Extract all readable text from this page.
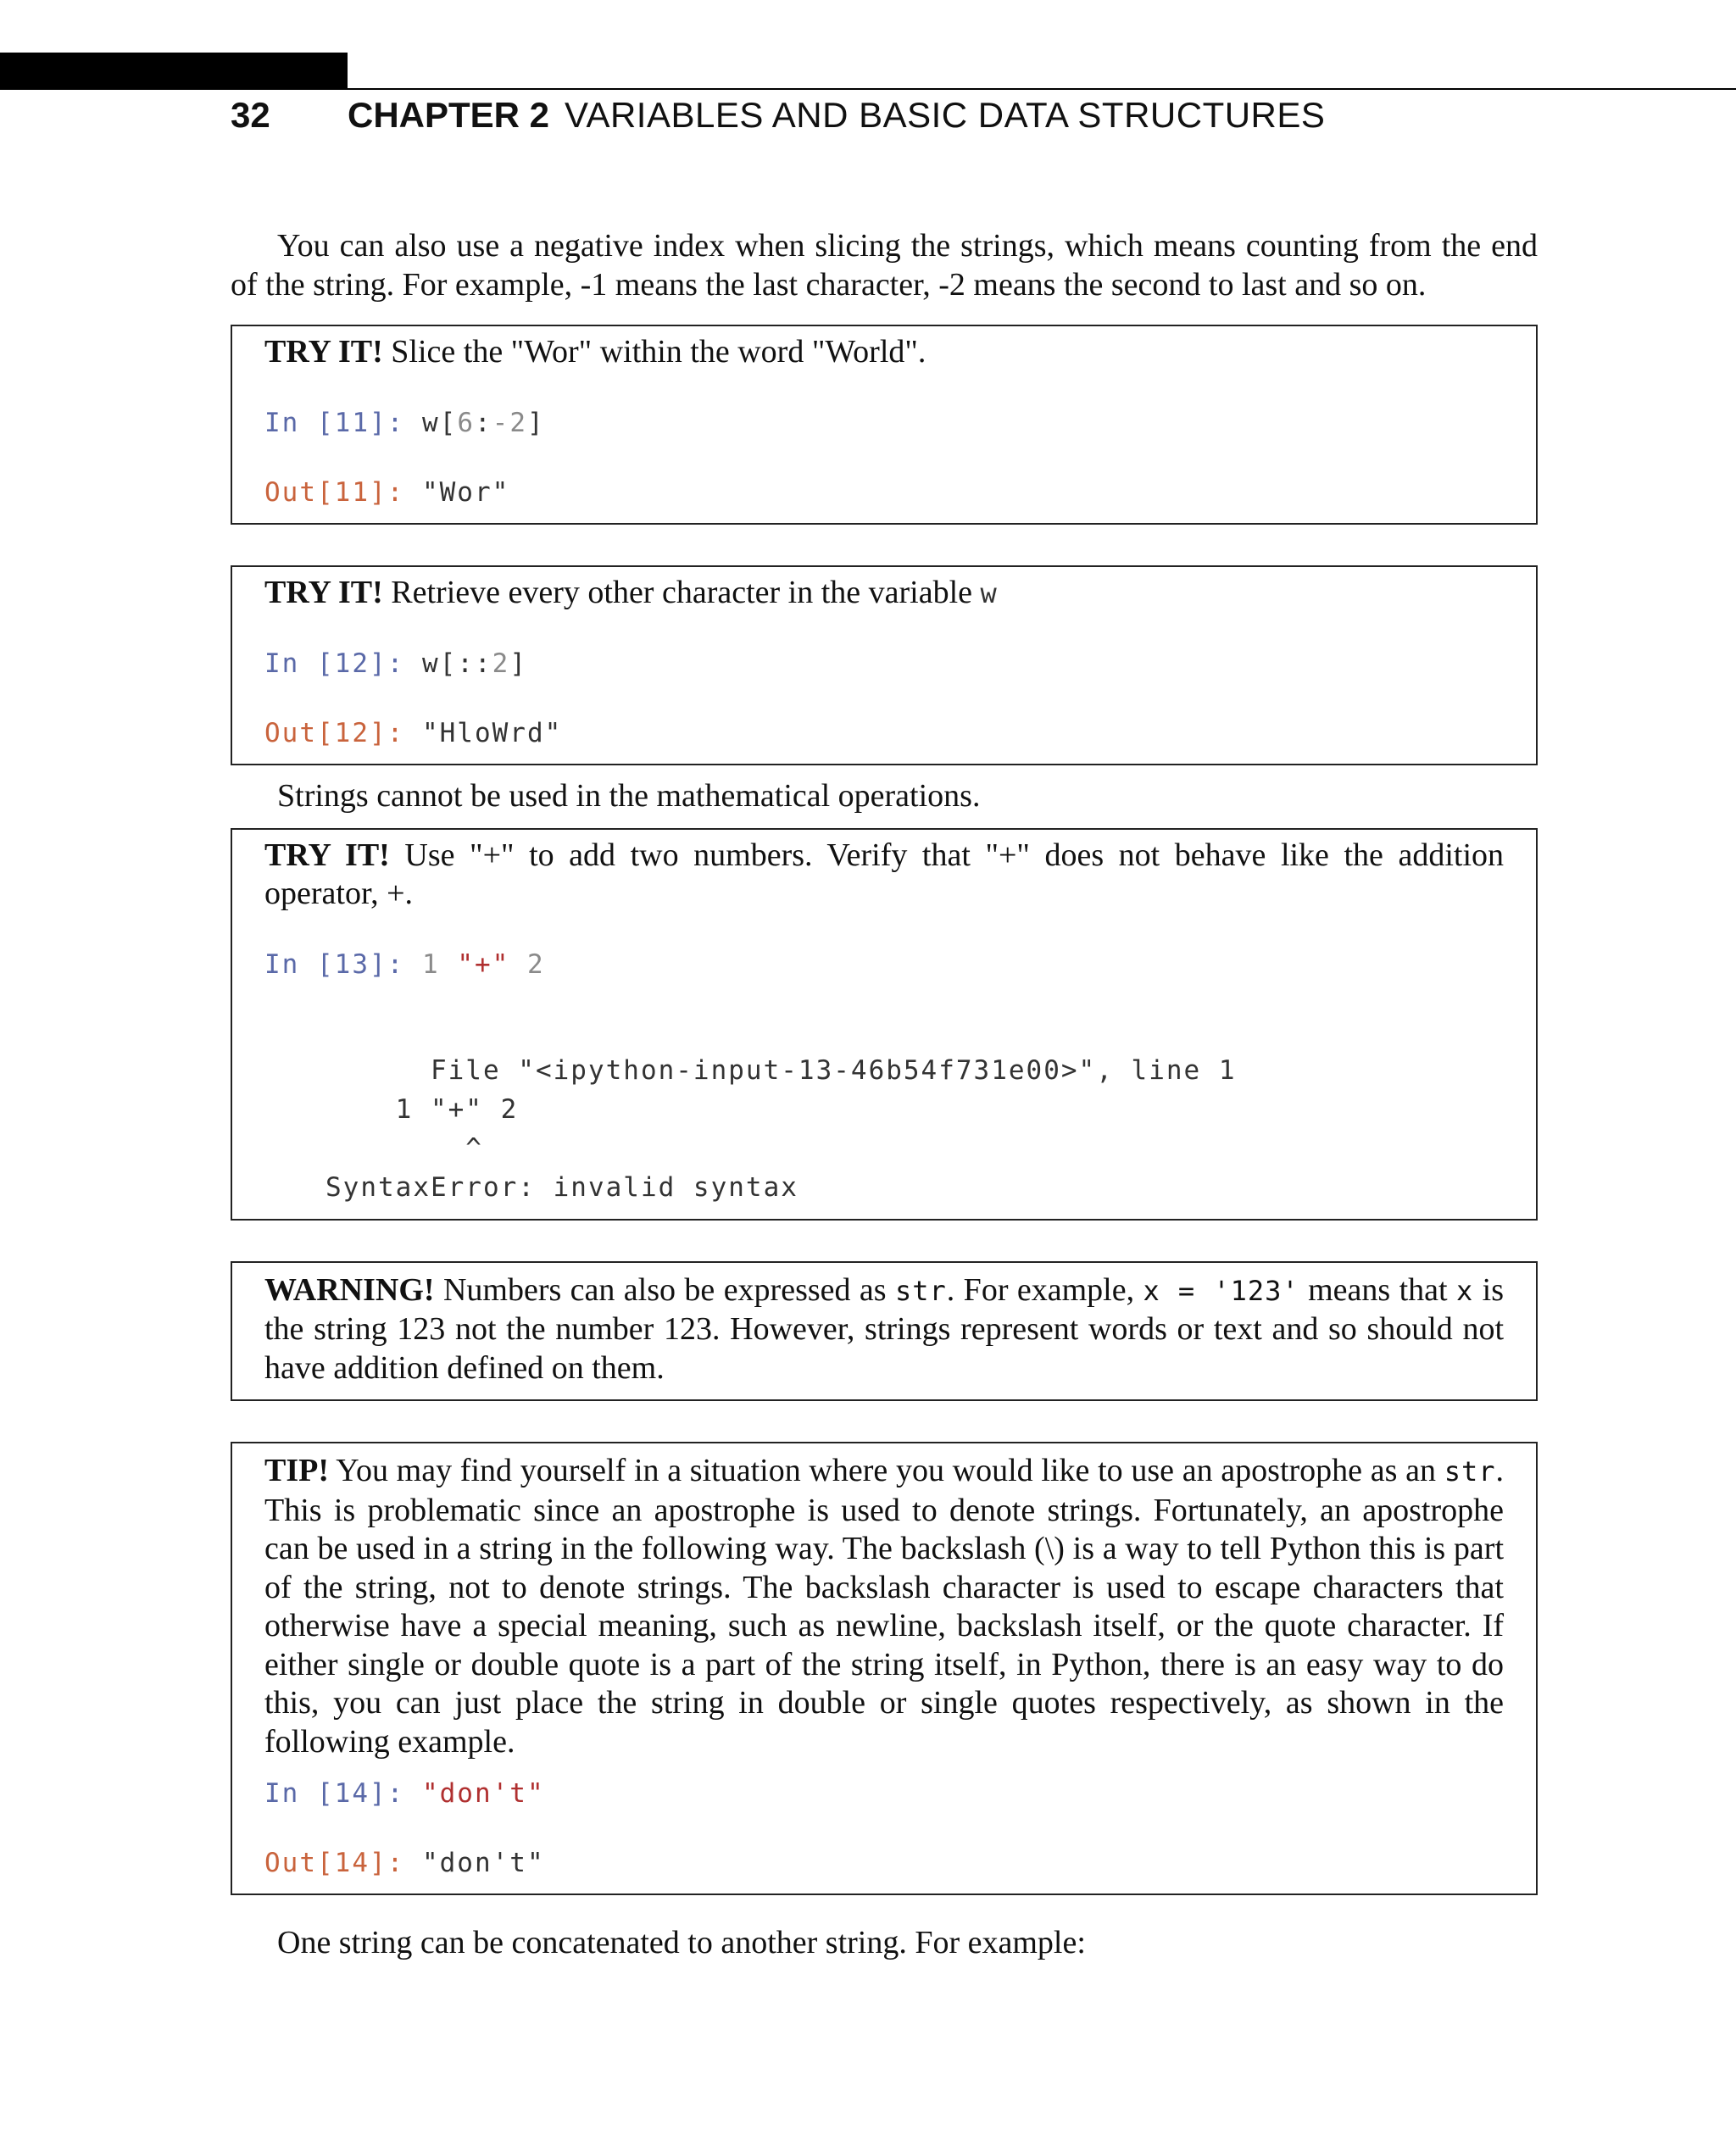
32	CHAPTER 2 VARIABLES AND BASIC DATA STRUCTURES

You can also use a negative index when slicing the strings, which means counting from the end of the string. For example, -1 means the last character, -2 means the second to last and so on.

TRY IT! Slice the "Wor" within the word "World".

In [11]: w[6:-2]
Out[11]: "Wor"

TRY IT! Retrieve every other character in the variable w

In [12]: w[::2]
Out[12]: "HloWrd"

Strings cannot be used in the mathematical operations.

TRY IT! Use "+" to add two numbers. Verify that "+" does not behave like the addition operator, +.

In [13]: 1 "+" 2

File "<ipython-input-13-46b54f731e00>", line 1

1 "+" 2

^

SyntaxError: invalid syntax

WARNING! Numbers can also be expressed as str. For example, x = '123' means that x is the string 123 not the number 123. However, strings represent words or text and so should not have addition defined on them.

TIP! You may find yourself in a situation where you would like to use an apostrophe as an str. This is problematic since an apostrophe is used to denote strings. Fortunately, an apostrophe can be used in a string in the following way. The backslash (\) is a way to tell Python this is part of the string, not to denote strings. The backslash character is used to escape characters that otherwise have a special meaning, such as newline, backslash itself, or the quote character. If either single or double quote is a part of the string itself, in Python, there is an easy way to do this, you can just place the string in double or single quotes respectively, as shown in the following example.

In [14]: "don't"
Out[14]: "don't"

One string can be concatenated to another string. For example:
